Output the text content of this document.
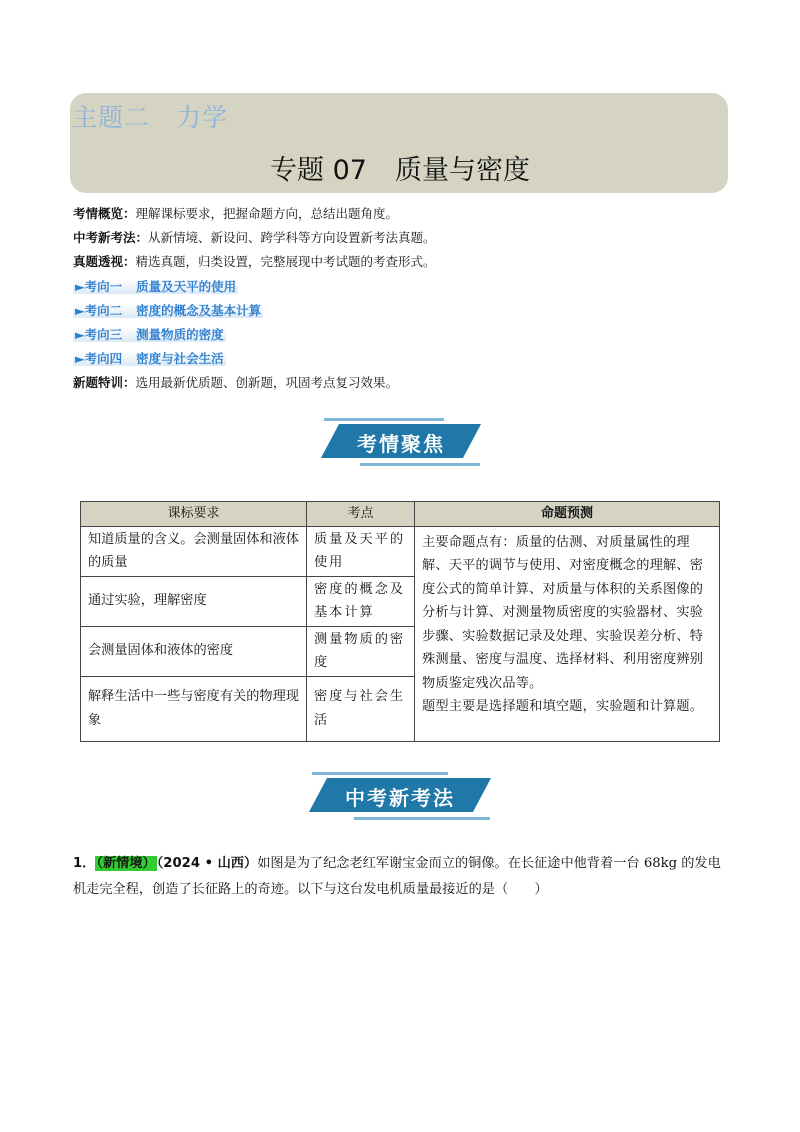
主题二 力学
专题 07 质量与密度
考情概览：理解课标要求，把握命题方向，总结出题角度。
中考新考法：从新情境、新设问、跨学科等方向设置新考法真题。
真题透视：精选真题，归类设置，完整展现中考试题的考查形式。
►考向一 质量及天平的使用
►考向二 密度的概念及基本计算
►考向三 测量物质的密度
►考向四 密度与社会生活
新题特训：选用最新优质题、创新题，巩固考点复习效果。
考情聚焦
课标要求	考点	命题预测
知道质量的含义。会测量固体和液体的质量	质量及天平的使用	主要命题点有：质量的估测、对质量属性的理解、天平的调节与使用、对密度概念的理解、密度公式的简单计算、对质量与体积的关系图像的分析与计算、对测量物质密度的实验器材、实验步骤、实验数据记录及处理、实验误差分析、特殊测量、密度与温度、选择材料、利用密度辨别物质鉴定残次品等。
题型主要是选择题和填空题，实验题和计算题。

通过实验，理解密度	密度的概念及基本计算	
会测量固体和液体的密度	测量物质的密度	
解释生活中一些与密度有关的物理现象	密度与社会生活	
中考新考法
1．（新情境）（2024 • 山西）如图是为了纪念老红军谢宝金而立的铜像。在长征途中他背着一台 68kg 的发电机走完全程，创造了长征路上的奇迹。以下与这台发电机质量最接近的是（　　）
